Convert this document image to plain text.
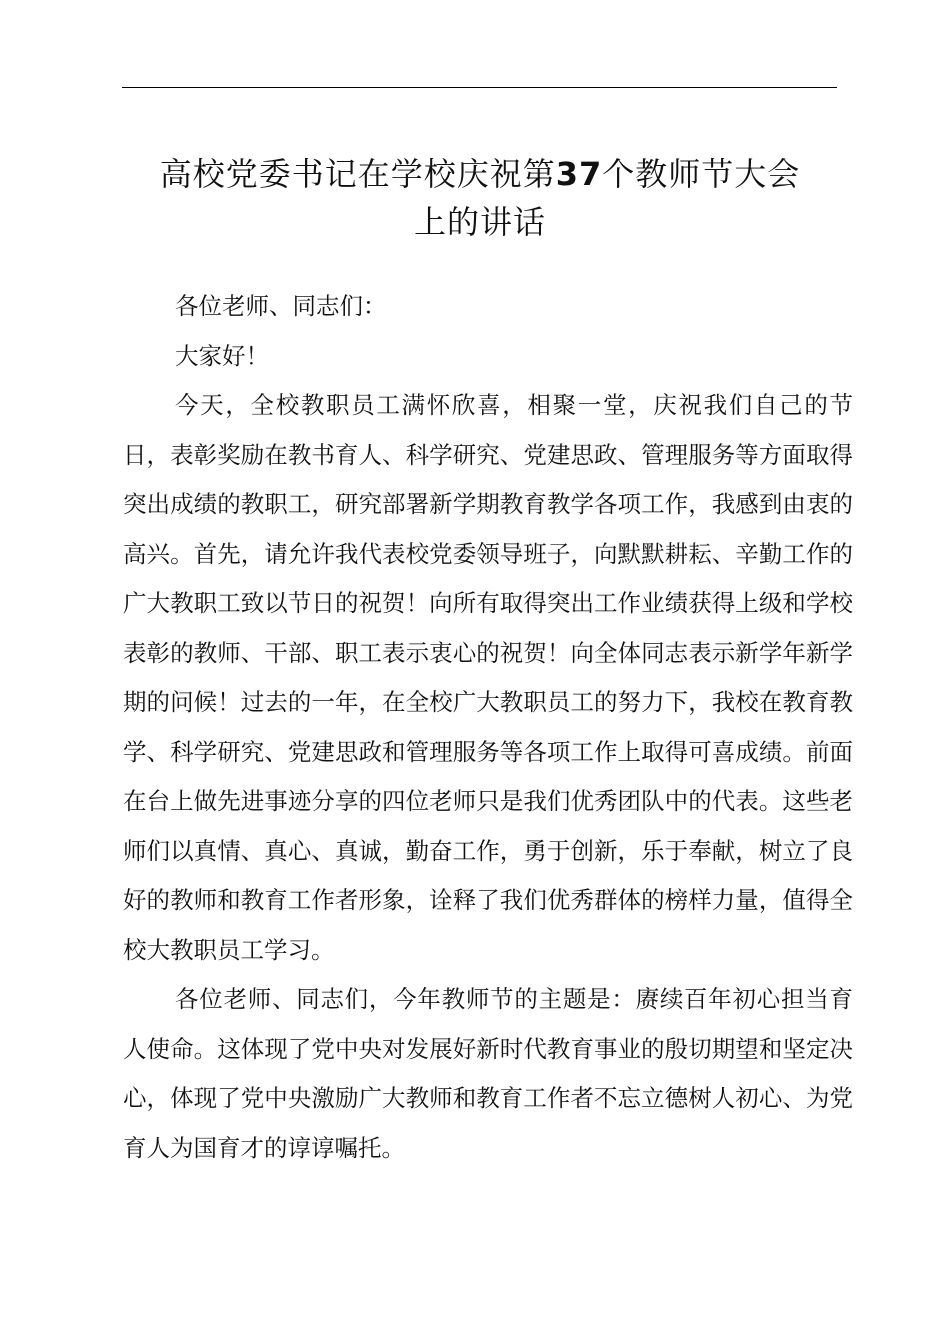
高校党委书记在学校庆祝第37个教师节大会
上的讲话

各位老师、同志们：

大家好！

今天，全校教职员工满怀欣喜，相聚一堂，庆祝我们自己的节日，表彰奖励在教书育人、科学研究、党建思政、管理服务等方面取得突出成绩的教职工，研究部署新学期教育教学各项工作，我感到由衷的高兴。首先，请允许我代表校党委领导班子，向默默耕耘、辛勤工作的广大教职工致以节日的祝贺！向所有取得突出工作业绩获得上级和学校表彰的教师、干部、职工表示衷心的祝贺！向全体同志表示新学年新学期的问候！过去的一年，在全校广大教职员工的努力下，我校在教育教学、科学研究、党建思政和管理服务等各项工作上取得可喜成绩。前面在台上做先进事迹分享的四位老师只是我们优秀团队中的代表。这些老师们以真情、真心、真诚，勤奋工作，勇于创新，乐于奉献，树立了良好的教师和教育工作者形象，诠释了我们优秀群体的榜样力量，值得全校大教职员工学习。

各位老师、同志们，今年教师节的主题是：赓续百年初心担当育人使命。这体现了党中央对发展好新时代教育事业的殷切期望和坚定决心，体现了党中央激励广大教师和教育工作者不忘立德树人初心、为党育人为国育才的谆谆嘱托。
